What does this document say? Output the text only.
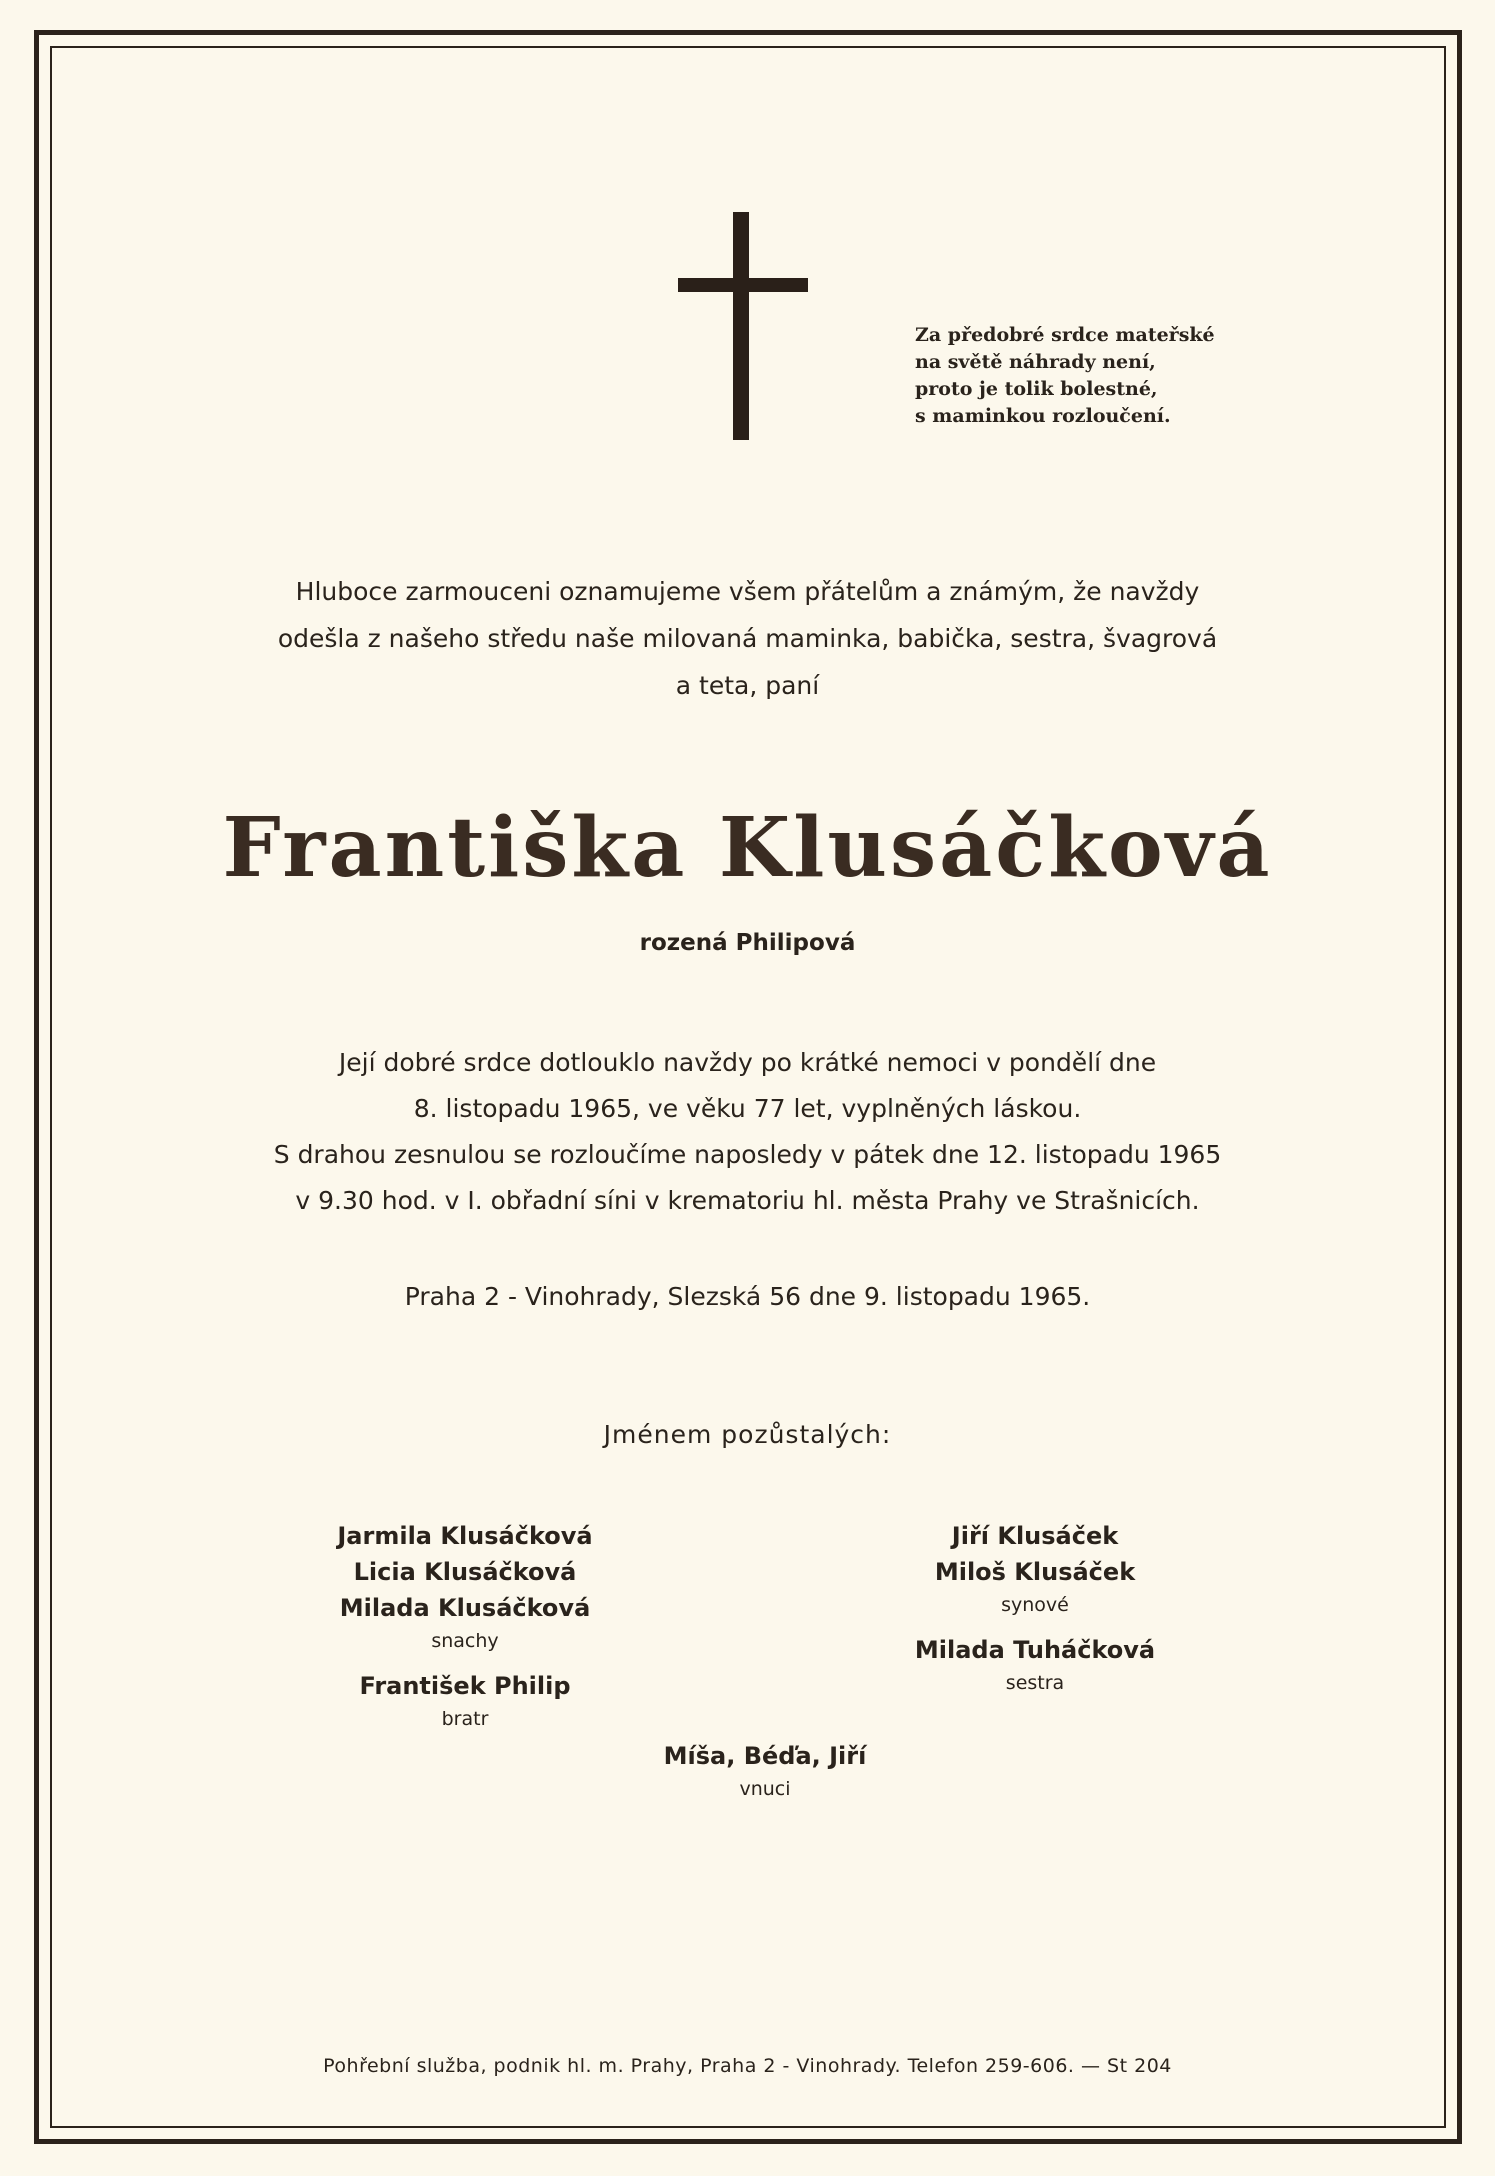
Za předobré srdce mateřské
na světě náhrady není,
proto je tolik bolestné,
s maminkou rozloučení.
Hluboce zarmouceni oznamujeme všem přátelům a známým, že navždy
odešla z našeho středu naše milovaná maminka, babička, sestra, švagrová
a teta, paní
Františka Klusáčková
rozená Philipová
Její dobré srdce dotlouklo navždy po krátké nemoci v pondělí dne
8. listopadu 1965, ve věku 77 let, vyplněných láskou.
S drahou zesnulou se rozloučíme naposledy v pátek dne 12. listopadu 1965
v 9.30 hod. v I. obřadní síni v krematoriu hl. města Prahy ve Strašnicích.
Praha 2 - Vinohrady, Slezská 56 dne 9. listopadu 1965.
Jménem pozůstalých:
Jarmila Klusáčková
Licia Klusáčková
Milada Klusáčková
snachy
František Philip
bratr
Jiří Klusáček
Miloš Klusáček
synové
Milada Tuháčková
sestra
Míša, Béďa, Jiří
vnuci
Pohřební služba, podnik hl. m. Prahy, Praha 2 - Vinohrady. Telefon 259-606. — St 204
